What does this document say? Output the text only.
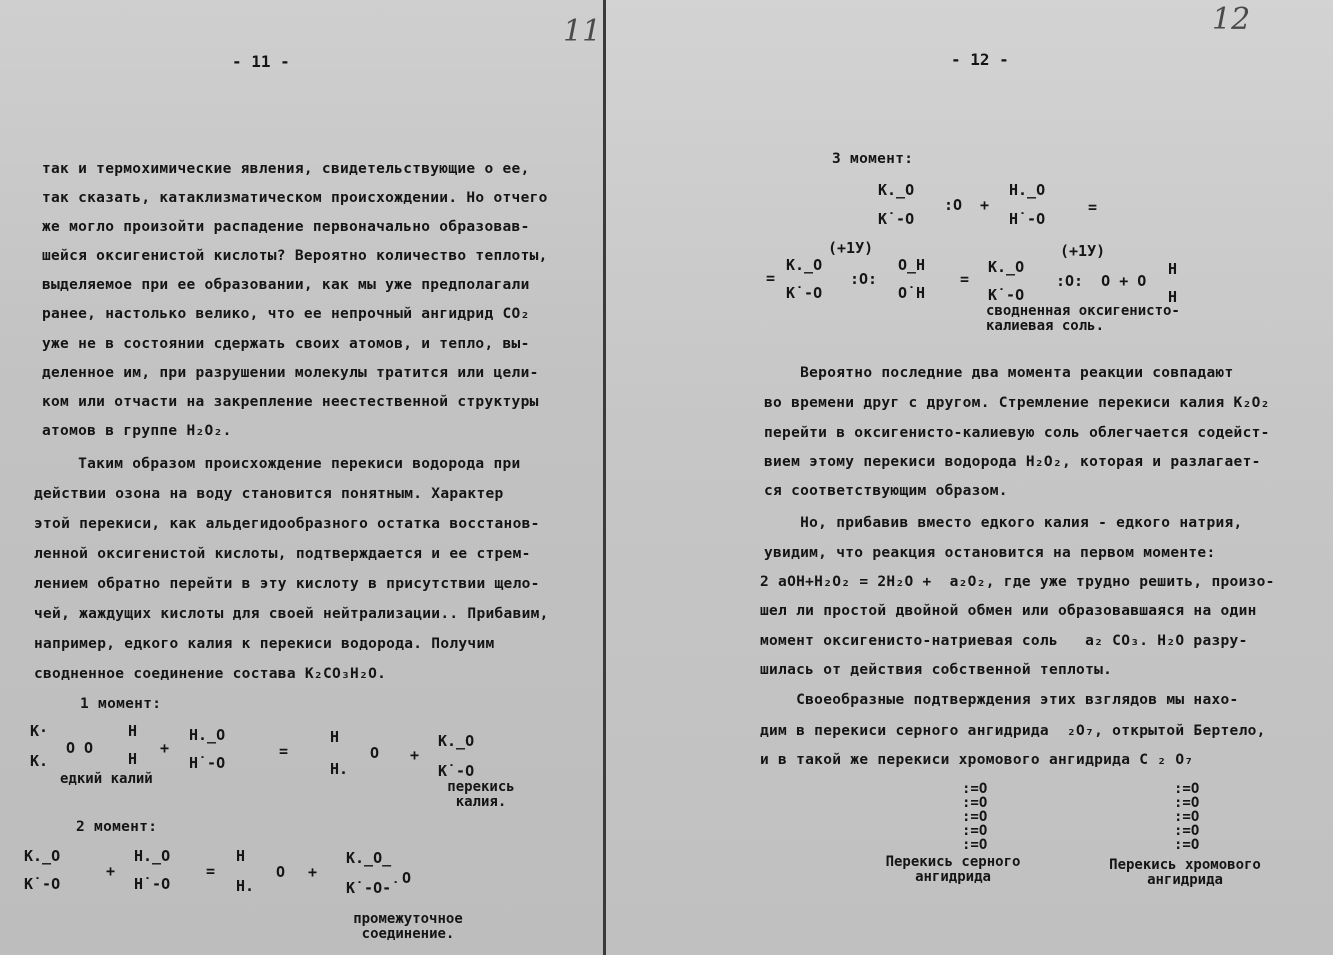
- 11 -
11
так и термохимические явления, свидетельствующие о ее,
так сказать, катаклизматическом происхождении. Но отчего
же могло произойти распадение первоначально образовав-
шейся оксигенистой кислоты? Вероятно количество теплоты,
выделяемое при ее образовании, как мы уже предполагали
ранее, настолько велико, что ее непрочный ангидрид CO₂
уже не в состоянии сдержать своих атомов, и тепло, вы-
деленное им, при разрушении молекулы тратится или цели-
ком или отчасти на закрепление неестественной структуры
атомов в группе H₂O₂.
Таким образом происхождение перекиси водорода при
действии озона на воду становится понятным. Характер
этой перекиси, как альдегидообразного остатка восстанов-
ленной оксигенистой кислоты, подтверждается и ее стрем-
лением обратно перейти в эту кислоту в присутствии щело-
чей, жаждущих кислоты для своей нейтрализации.. Прибавим,
например, едкого калия к перекиси водорода. Получим
сводненное соединение состава K₂CO₃H₂O.
1 момент:
K·
K.
O O
H
H
+
H._O
H˙-O
=
H
H.
O +
K._O
K˙-O
едкий калий	перекись
калия.
2 момент:
K._O
K˙-O
+
H._O
H˙-O
=
H
H.
O +
K._O_
K˙-O-˙
O
промежуточное
соединение.
- 12 -
12
3 момент:
K._O
K˙-O
:O +
H._O
H˙-O
=
(+1У)	(+1У)
=
K._O
K˙-O
:O:
O_H
O˙H
=
K._O
K˙-O
:O:  O + O
H
H
сводненная оксигенисто-
калиевая соль.
Вероятно последние два момента реакции совпадают
во времени друг с другом. Стремление перекиси калия K₂O₂
перейти в оксигенисто-калиевую соль облегчается содейст-
вием этому перекиси водорода H₂O₂, которая и разлагает-
ся соответствующим образом.
Но, прибавив вместо едкого калия - едкого натрия,
увидим, что реакция остановится на первом моменте:
2 aOH+H₂O₂ = 2H₂O +  a₂O₂, где уже трудно решить, произо-
шел ли простой двойной обмен или образовавшаяся на один
момент оксигенисто-натриевая соль   a₂ CO₃. H₂O разру-
шилась от действия собственной теплоты.
Своеобразные подтверждения этих взглядов мы нахо-
дим в перекиси серного ангидрида  ₂O₇, открытой Бертело,
и в такой же перекиси хромового ангидрида C ₂ O₇
:=O
:=O
:=O
:=O
:=O
Перекись серного
ангидрида
:=O
:=O
:=O
:=O
:=O
Перекись хромового
ангидрида
